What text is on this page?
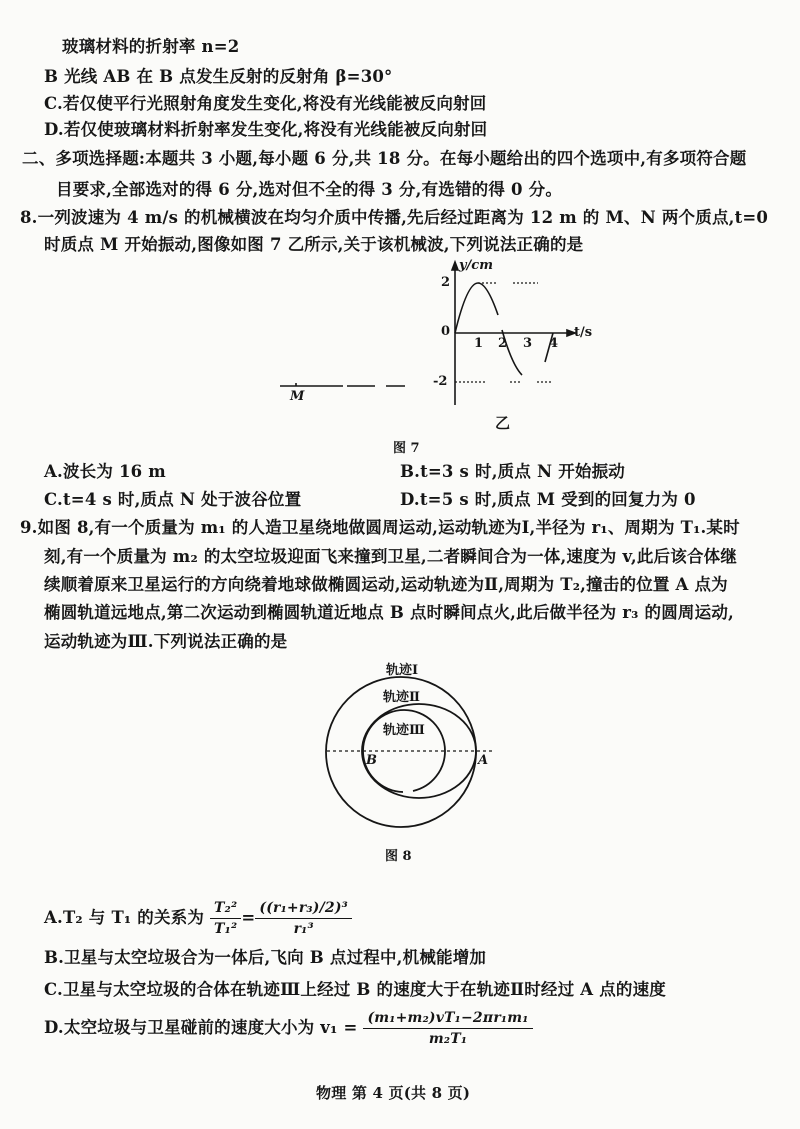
玻璃材料的折射率 n=2
B 光线 AB 在 B 点发生反射的反射角 β=30°
C.若仅使平行光照射角度发生变化,将没有光线能被反向射回
D.若仅使玻璃材料折射率发生变化,将没有光线能被反向射回
二、多项选择题:本题共 3 小题,每小题 6 分,共 18 分。在每小题给出的四个选项中,有多项符合题
目要求,全部选对的得 6 分,选对但不全的得 3 分,有选错的得 0 分。
8.一列波速为 4 m/s 的机械横波在均匀介质中传播,先后经过距离为 12 m 的 M、N 两个质点,t=0
时质点 M 开始振动,图像如图 7 乙所示,关于该机械波,下列说法正确的是
y/cm
t/s
2
0
-2
1 2 3 4
M
乙
图 7
A.波长为 16 m	B.t=3 s 时,质点 N 开始振动
C.t=4 s 时,质点 N 处于波谷位置	D.t=5 s 时,质点 M 受到的回复力为 0
9.如图 8,有一个质量为 m₁ 的人造卫星绕地做圆周运动,运动轨迹为Ⅰ,半径为 r₁、周期为 T₁.某时
刻,有一个质量为 m₂ 的太空垃圾迎面飞来撞到卫星,二者瞬间合为一体,速度为 v,此后该合体继
续顺着原来卫星运行的方向绕着地球做椭圆运动,运动轨迹为Ⅱ,周期为 T₂,撞击的位置 A 点为
椭圆轨道远地点,第二次运动到椭圆轨道近地点 B 点时瞬间点火,此后做半径为 r₃ 的圆周运动,
运动轨迹为Ⅲ.下列说法正确的是
轨迹Ⅰ
轨迹Ⅱ
轨迹Ⅲ
B	A
图 8
A.T₂ 与 T₁ 的关系为 $\frac{\text{T₂²}}{\text{T₁²}} = \frac{\text{((r₁+r₃)/2)³}}{\text{r₁³}}$
B.卫星与太空垃圾合为一体后,飞向 B 点过程中,机械能增加
C.卫星与太空垃圾的合体在轨迹Ⅲ上经过 B 的速度大于在轨迹Ⅱ时经过 A 点的速度
D.太空垃圾与卫星碰前的速度大小为 $v_1 = \frac{\text{(m₁+m₂)vT₁−2πr₁m₁}}{\text{m₂T₁}}$
物理 第 4 页(共 8 页)
